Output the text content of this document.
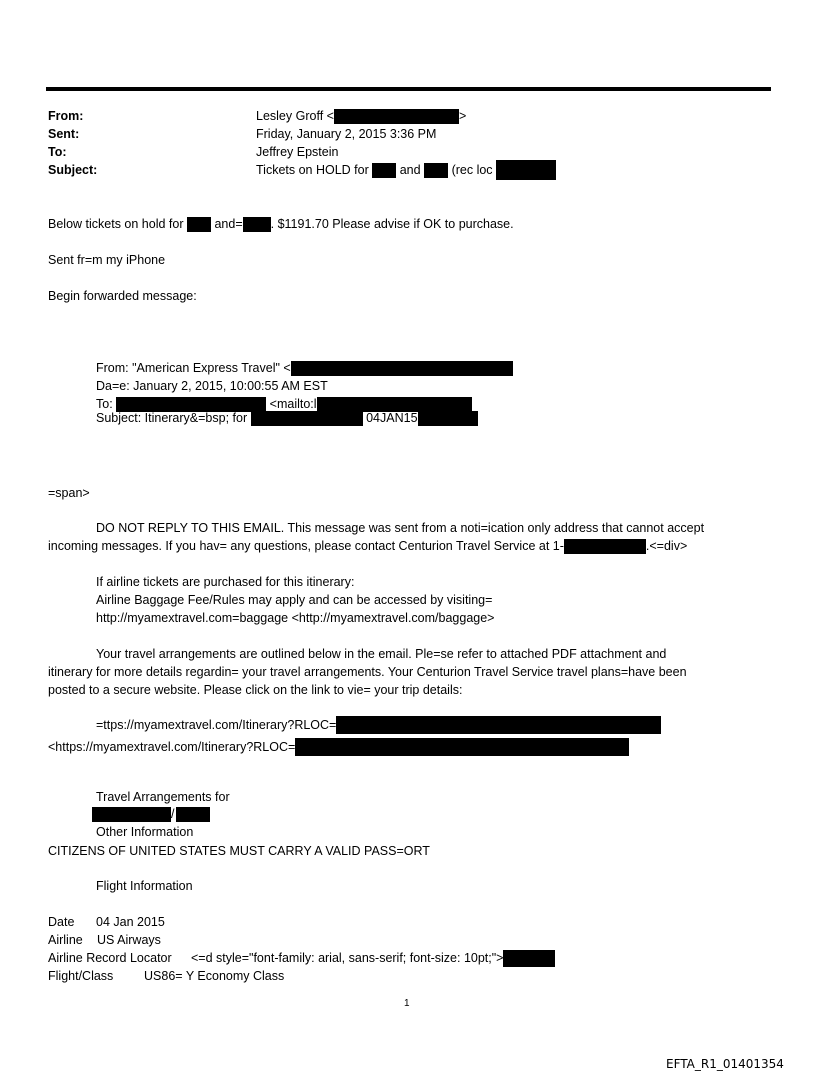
From:	Lesley Groff <	>
Sent:	Friday, January 2, 2015 3:36 PM
To:	Jeffrey Epstein
Subject:	Tickets on HOLD for and (rec loc
Below tickets on hold for and= . $1191.70 Please advise if OK to purchase.
Sent fr=m my iPhone
Begin forwarded message:
From: "American Express Travel" <
Da=e: January 2, 2015, 10:00:55 AM EST
To:	<mailto:l
Subject: Itinerary&=bsp; for	04JAN15
=span>
DO NOT REPLY TO THIS EMAIL. This message was sent from a noti=ication only address that cannot accept
incoming messages. If you hav= any questions, please contact Centurion Travel Service at 1-	.<=div>
If airline tickets are purchased for this itinerary:
Airline Baggage Fee/Rules may apply and can be accessed by visiting=
http://myamextravel.com=baggage <http://myamextravel.com/baggage>
Your travel arrangements are outlined below in the email. Ple=se refer to attached PDF attachment and
itinerary for more details regardin= your travel arrangements. Your Centurion Travel Service travel plans=have been
posted to a secure website. Please click on the link to vie= your trip details:
=ttps://myamextravel.com/Itinerary?RLOC=
<https://myamextravel.com/Itinerary?RLOC=
Travel Arrangements for
/
Other Information
CITIZENS OF UNITED STATES MUST CARRY A VALID PASS=ORT
Flight Information
Date 04 Jan 2015
Airline US Airways
Airline Record Locator <=d style="font-family: arial, sans-serif; font-size: 10pt;">
Flight/Class US86= Y Economy Class
1
EFTA_R1_01401354
